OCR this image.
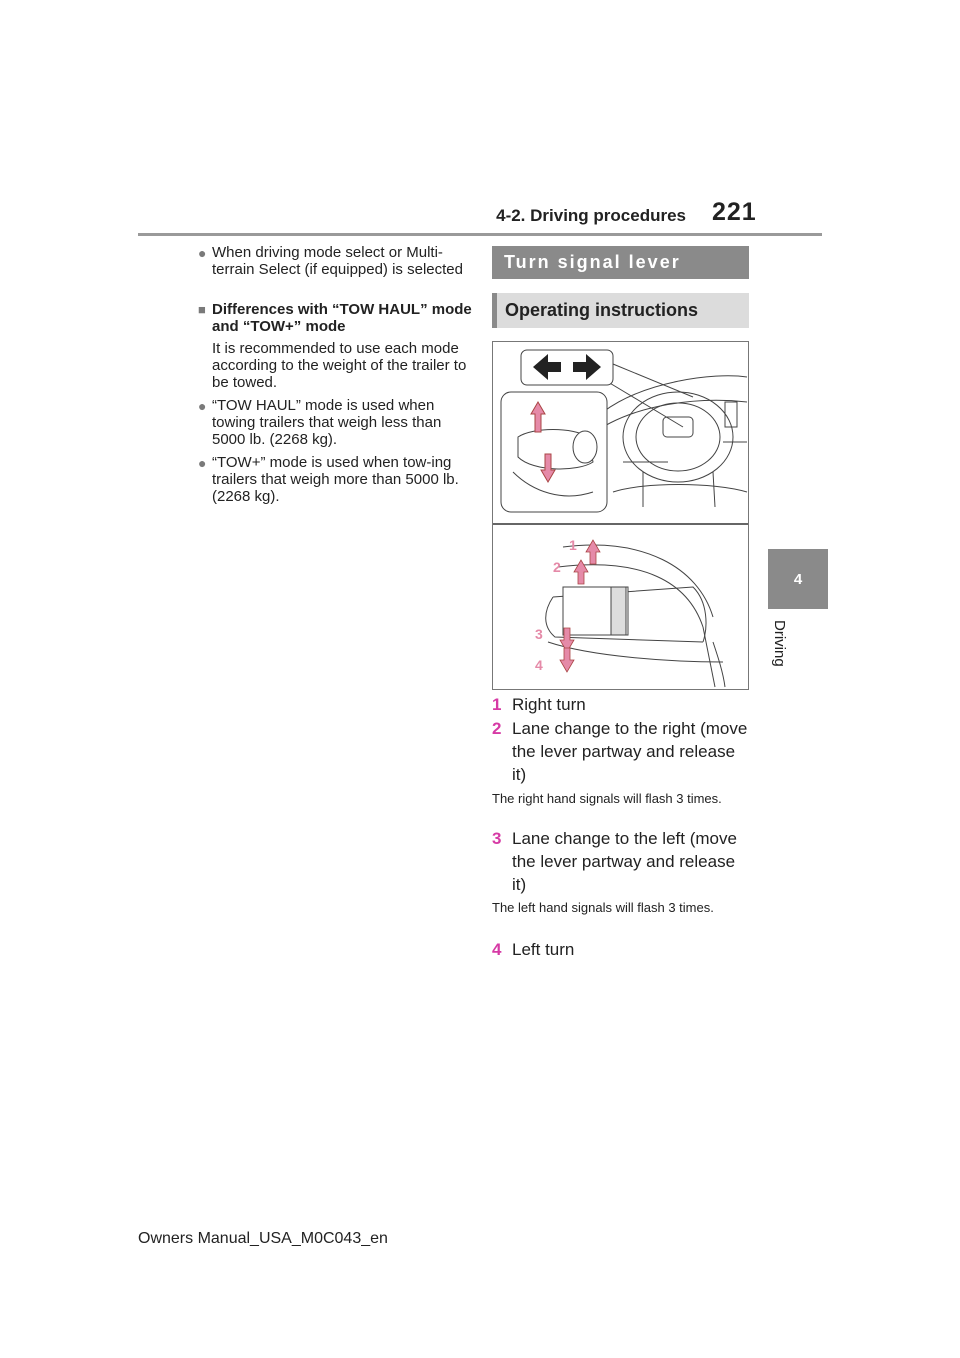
4-2. Driving procedures 221
4
Driving
● When driving mode select or Multi-terrain Select (if equipped) is selected
■ Differences with “TOW HAUL” mode and “TOW+” mode
It is recommended to use each mode according to the weight of the trailer to be towed.
● “TOW HAUL” mode is used when towing trailers that weigh less than 5000 lb. (2268 kg).
● “TOW+” mode is used when tow-ing trailers that weigh more than 5000 lb. (2268 kg).
Turn signal lever
Operating instructions
1
2
3
4
1 Right turn
2 Lane change to the right (move the lever partway and release it)
The right hand signals will flash 3 times.
3 Lane change to the left (move the lever partway and release it)
The left hand signals will flash 3 times.
4 Left turn
Owners Manual_USA_M0C043_en
